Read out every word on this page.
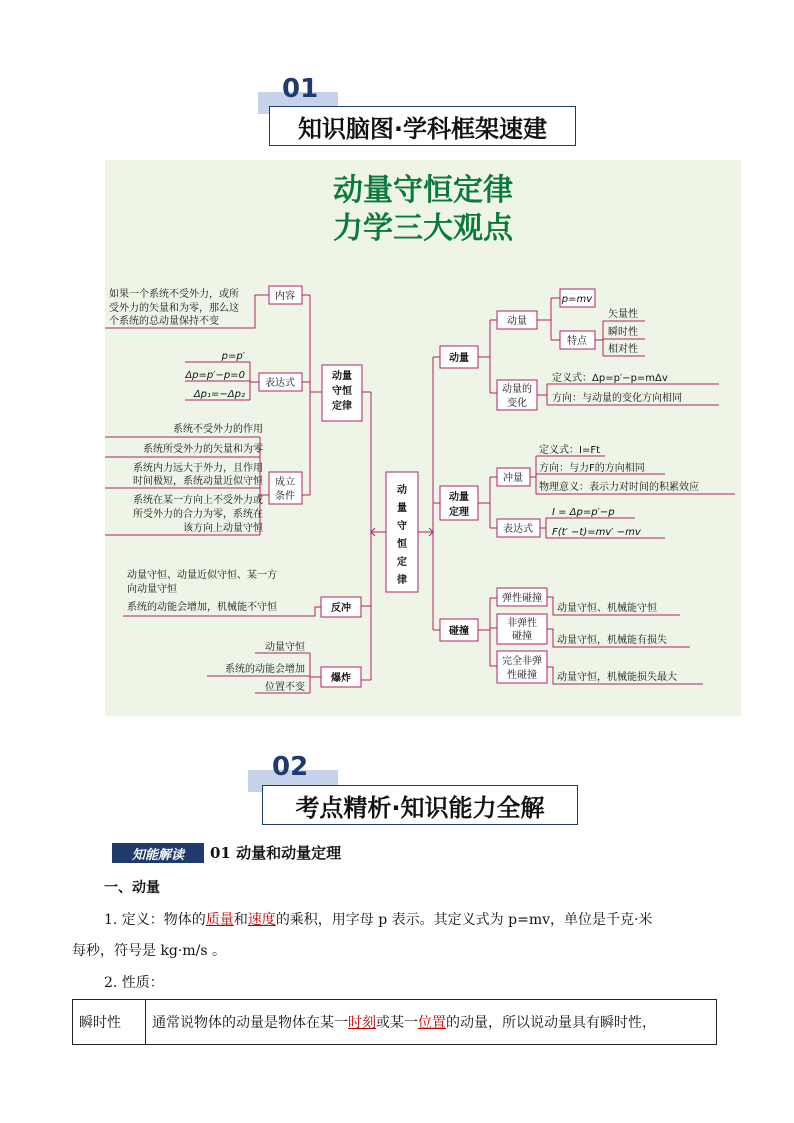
01
知识脑图·学科框架速建
动量守恒定律
力学三大观点
动
量
守
恒
定
律
动量
守恒
定律
内容
如果一个系统不受外力，或所
受外力的矢量和为零，那么这
个系统的总动量保持不变
表达式
p=p′
Δp=p′−p=0
Δp₁=−Δp₂
成立
条件
系统不受外力的作用
系统所受外力的矢量和为零
系统内力远大于外力，且作用
时间极短，系统动量近似守恒
系统在某一方向上不受外力或
所受外力的合力为零，系统在
该方向上动量守恒
反冲
动量守恒、动量近似守恒、某一方
向动量守恒
系统的动能会增加，机械能不守恒
爆炸
动量守恒
系统的动能会增加
位置不变
动量
动量
p=mv
特点
矢量性
瞬时性
相对性
动量的
变化
定义式：Δp=p′−p=mΔv
方向：与动量的变化方向相同
动量
定理
冲量
定义式：I=Ft
方向：与力F的方向相同
物理意义：表示力对时间的积累效应
表达式
I = Δp=p′−p
F(t′ −t)=mv′ −mv
碰撞
弹性碰撞
非弹性
碰撞
完全非弹
性碰撞
动量守恒、机械能守恒
动量守恒，机械能有损失
动量守恒，机械能损失最大
02
考点精析·知识能力全解
知能解读	01 动量和动量定理
一、动量
1. 定义：物体的质量和速度的乘积，用字母 p 表示。其定义式为 p=mv，单位是千克·米
每秒，符号是 kg·m/s 。
2. 性质：
瞬时性	通常说物体的动量是物体在某一时刻或某一位置的动量，所以说动量具有瞬时性，
